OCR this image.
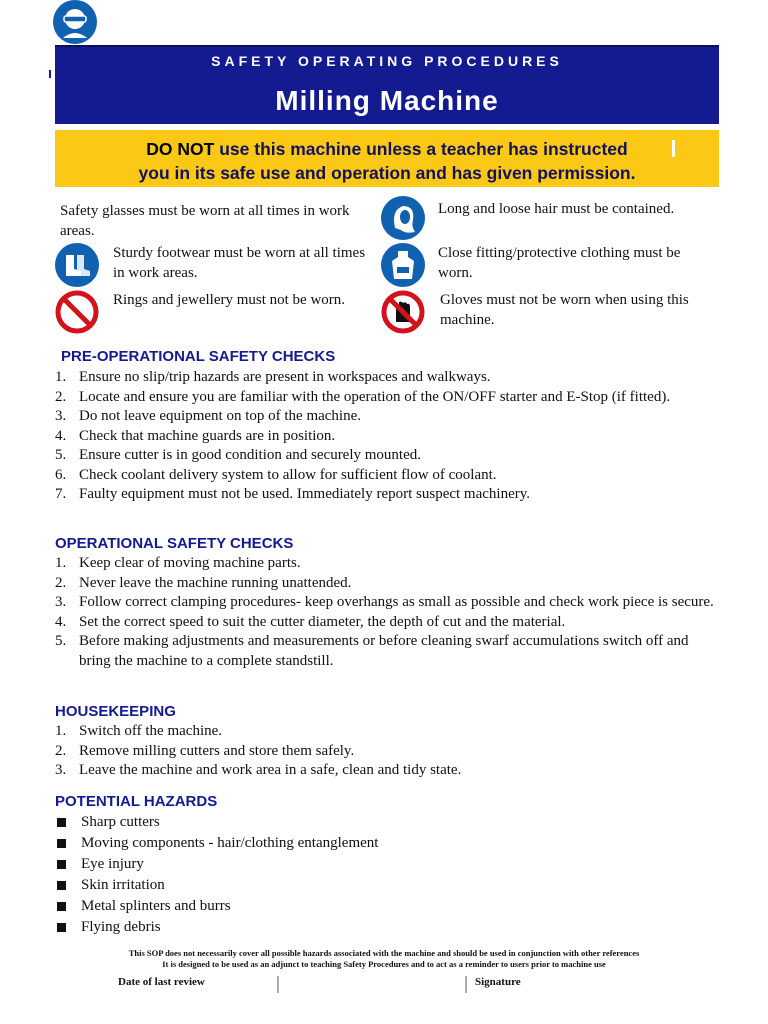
SAFETY OPERATING PROCEDURES
Milling Machine
DO NOT use this machine unless a teacher has instructed
you in its safe use and operation and has given permission.
Safety glasses must be worn at all times in work areas.
Long and loose hair must be contained.
Sturdy footwear must be worn at all times in work areas.
Close fitting/protective clothing must be worn.
Rings and jewellery must not be worn.	Gloves must not be worn when using this machine.
PRE-OPERATIONAL SAFETY CHECKS
1. Ensure no slip/trip hazards are present in workspaces and walkways.
2. Locate and ensure you are familiar with the operation of the ON/OFF starter and E-Stop (if fitted).
3. Do not leave equipment on top of the machine.
4. Check that machine guards are in position.
5. Ensure cutter is in good condition and securely mounted.
6. Check coolant delivery system to allow for sufficient flow of coolant.
7. Faulty equipment must not be used. Immediately report suspect machinery.
OPERATIONAL SAFETY CHECKS
1. Keep clear of moving machine parts.
2. Never leave the machine running unattended.
3. Follow correct clamping procedures- keep overhangs as small as possible and check work piece is secure.
4. Set the correct speed to suit the cutter diameter, the depth of cut and the material.
5. Before making adjustments and measurements or before cleaning swarf accumulations switch off and bring the machine to a complete standstill.
HOUSEKEEPING
1. Switch off the machine.
2. Remove milling cutters and store them safely.
3. Leave the machine and work area in a safe, clean and tidy state.
POTENTIAL HAZARDS
Sharp cutters
Moving components - hair/clothing entanglement
Eye injury
Skin irritation
Metal splinters and burrs
Flying debris
This SOP does not necessarily cover all possible hazards associated with the machine and should be used in conjunction with other references
It is designed to be used as an adjunct to teaching Safety Procedures and to act as a reminder to users prior to machine use
Date of last review	Signature
